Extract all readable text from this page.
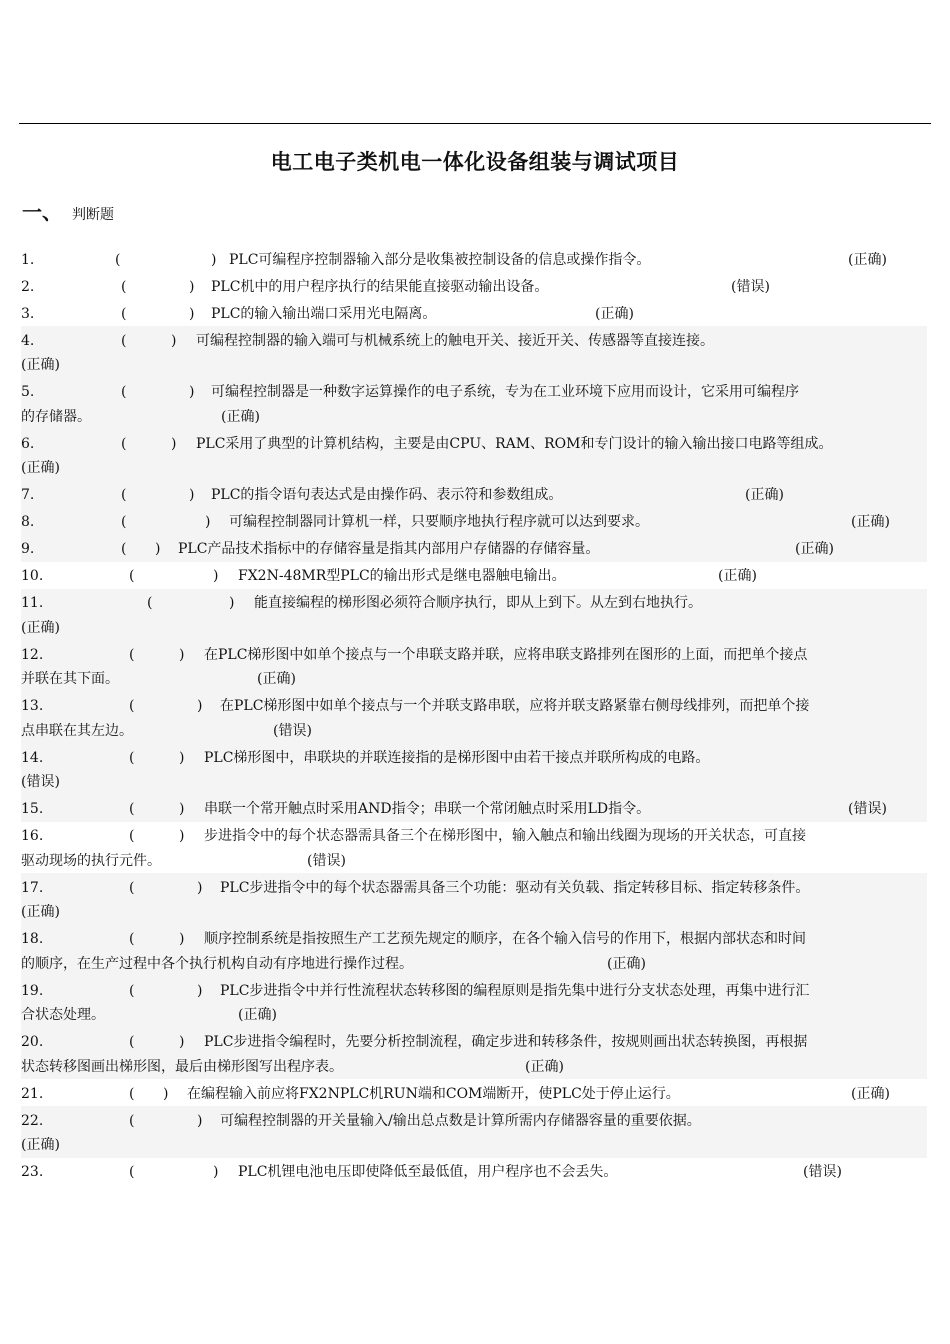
电工电子类机电一体化设备组装与调试项目
一、 判断题
1.	(	) PLC可编程序控制器输入部分是收集被控制设备的信息或操作指令。	(正确)
2.	(	) PLC机中的用户程序执行的结果能直接驱动输出设备。	(错误)
3.	(	) PLC的输入输出端口采用光电隔离。	(正确)
4.	(	) 可编程控制器的输入端可与机械系统上的触电开关、接近开关、传感器等直接连接。
(正确)
5.	(	) 可编程控制器是一种数字运算操作的电子系统，专为在工业环境下应用而设计，它采用可编程序
的存储器。	(正确)
6.	(	) PLC采用了典型的计算机结构，主要是由CPU、RAM、ROM和专门设计的输入输出接口电路等组成。
(正确)
7.	(	) PLC的指令语句表达式是由操作码、表示符和参数组成。	(正确)
8.	(	) 可编程控制器同计算机一样，只要顺序地执行程序就可以达到要求。	(正确)
9.	( ) PLC产品技术指标中的存储容量是指其内部用户存储器的存储容量。	(正确)
10.	(	) FX2N-48MR型PLC的输出形式是继电器触电输出。	(正确)
11.	(	) 能直接编程的梯形图必须符合顺序执行，即从上到下。从左到右地执行。
(正确)
12.	(	) 在PLC梯形图中如单个接点与一个串联支路并联，应将串联支路排列在图形的上面，而把单个接点
并联在其下面。	(正确)
13.	(	) 在PLC梯形图中如单个接点与一个并联支路串联，应将并联支路紧靠右侧母线排列，而把单个接
点串联在其左边。	(错误)
14.	(	) PLC梯形图中，串联块的并联连接指的是梯形图中由若干接点并联所构成的电路。
(错误)
15.	(	) 串联一个常开触点时采用AND指令；串联一个常闭触点时采用LD指令。	(错误)
16.	(	) 步进指令中的每个状态器需具备三个在梯形图中，输入触点和输出线圈为现场的开关状态，可直接
驱动现场的执行元件。	(错误)
17.	(	) PLC步进指令中的每个状态器需具备三个功能：驱动有关负载、指定转移目标、指定转移条件。
(正确)
18.	(	) 顺序控制系统是指按照生产工艺预先规定的顺序，在各个输入信号的作用下，根据内部状态和时间
的顺序，在生产过程中各个执行机构自动有序地进行操作过程。	(正确)
19.	(	) PLC步进指令中并行性流程状态转移图的编程原则是指先集中进行分支状态处理，再集中进行汇
合状态处理。	(正确)
20.	(	) PLC步进指令编程时，先要分析控制流程，确定步进和转移条件，按规则画出状态转换图，再根据
状态转移图画出梯形图，最后由梯形图写出程序表。	(正确)
21.	( ) 在编程输入前应将FX2NPLC机RUN端和COM端断开，使PLC处于停止运行。	(正确)
22.	(	) 可编程控制器的开关量输入/输出总点数是计算所需内存储器容量的重要依据。
(正确)
23.	(	) PLC机锂电池电压即使降低至最低值，用户程序也不会丢失。	(错误)
